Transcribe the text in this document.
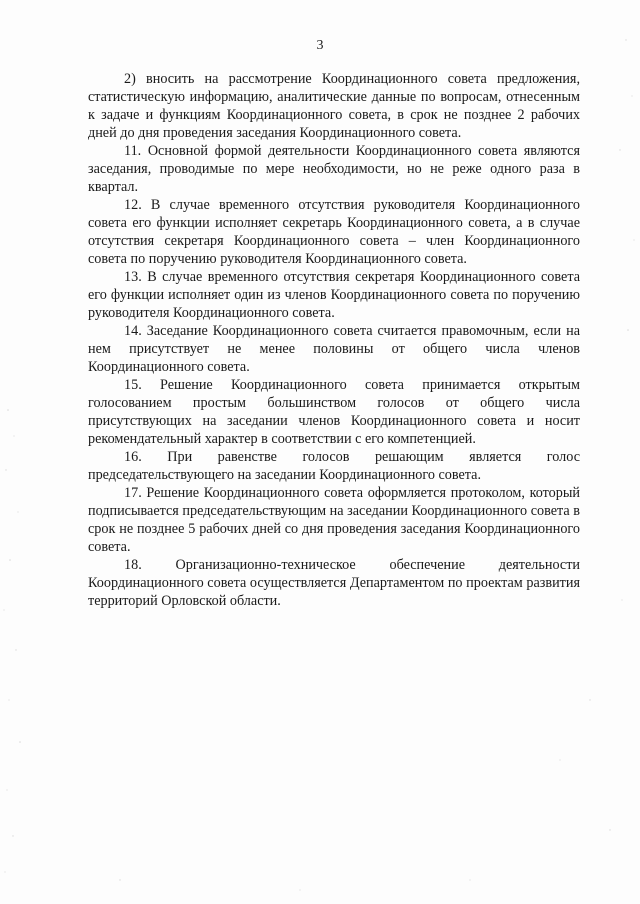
3

2) вносить на рассмотрение Координационного совета предложения, статистическую информацию, аналитические данные по вопросам, отнесенным к задаче и функциям Координационного совета, в срок не позднее 2 рабочих дней до дня проведения заседания Координационного совета.

11. Основной формой деятельности Координационного совета являются заседания, проводимые по мере необходимости, но не реже одного раза в квартал.

12. В случае временного отсутствия руководителя Координационного совета его функции исполняет секретарь Координационного совета, а в случае отсутствия секретаря Координационного совета – член Координационного совета по поручению руководителя Координационного совета.

13. В случае временного отсутствия секретаря Координационного совета его функции исполняет один из членов Координационного совета по поручению руководителя Координационного совета.

14. Заседание Координационного совета считается правомочным, если на нем присутствует не менее половины от общего числа членов Координационного совета.

15. Решение Координационного совета принимается открытым голосованием простым большинством голосов от общего числа присутствующих на заседании членов Координационного совета и носит рекомендательный характер в соответствии с его компетенцией.

16. При равенстве голосов решающим является голос председательствующего на заседании Координационного совета.

17. Решение Координационного совета оформляется протоколом, который подписывается председательствующим на заседании Координационного совета в срок не позднее 5 рабочих дней со дня проведения заседания Координационного совета.

18. Организационно-техническое обеспечение деятельности Координационного совета осуществляется Департаментом по проектам развития территорий Орловской области.
